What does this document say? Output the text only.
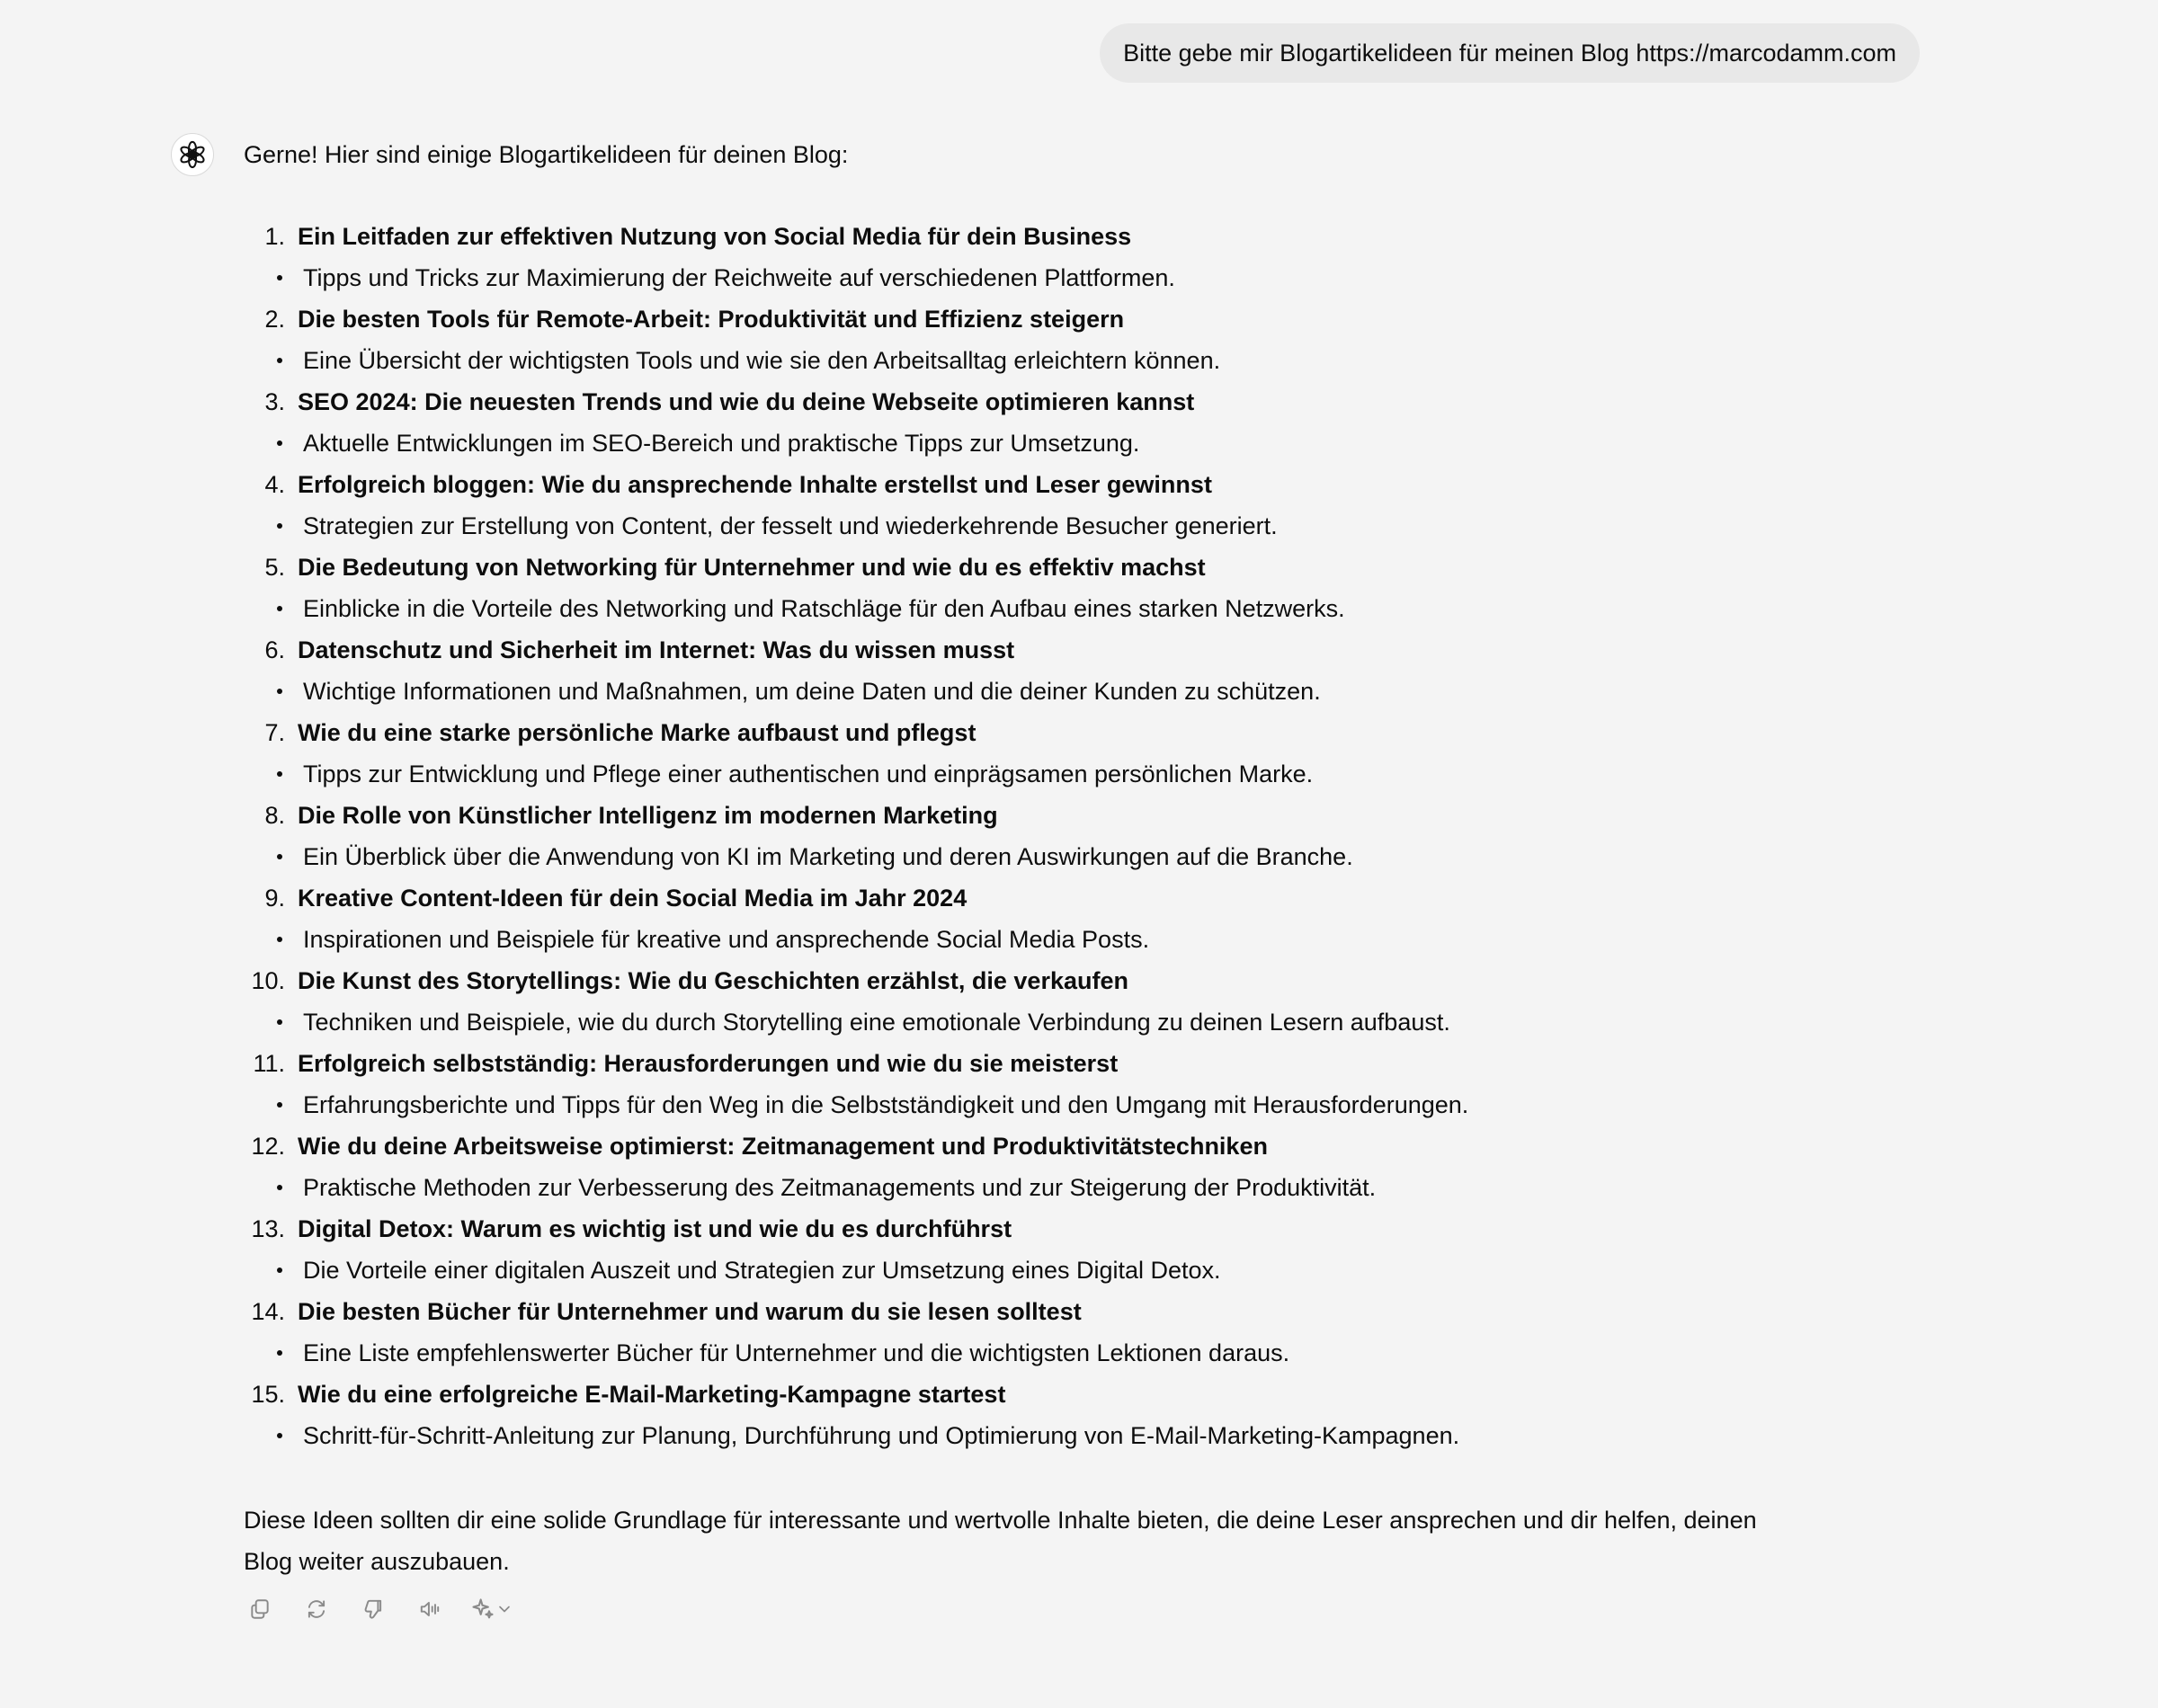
Bitte gebe mir Blogartikelideen für meinen Blog https://marcodamm.com
Gerne! Hier sind einige Blogartikelideen für deinen Blog:
1. Ein Leitfaden zur effektiven Nutzung von Social Media für dein Business
Tipps und Tricks zur Maximierung der Reichweite auf verschiedenen Plattformen.
2. Die besten Tools für Remote-Arbeit: Produktivität und Effizienz steigern
Eine Übersicht der wichtigsten Tools und wie sie den Arbeitsalltag erleichtern können.
3. SEO 2024: Die neuesten Trends und wie du deine Webseite optimieren kannst
Aktuelle Entwicklungen im SEO-Bereich und praktische Tipps zur Umsetzung.
4. Erfolgreich bloggen: Wie du ansprechende Inhalte erstellst und Leser gewinnst
Strategien zur Erstellung von Content, der fesselt und wiederkehrende Besucher generiert.
5. Die Bedeutung von Networking für Unternehmer und wie du es effektiv machst
Einblicke in die Vorteile des Networking und Ratschläge für den Aufbau eines starken Netzwerks.
6. Datenschutz und Sicherheit im Internet: Was du wissen musst
Wichtige Informationen und Maßnahmen, um deine Daten und die deiner Kunden zu schützen.
7. Wie du eine starke persönliche Marke aufbaust und pflegst
Tipps zur Entwicklung und Pflege einer authentischen und einprägsamen persönlichen Marke.
8. Die Rolle von Künstlicher Intelligenz im modernen Marketing
Ein Überblick über die Anwendung von KI im Marketing und deren Auswirkungen auf die Branche.
9. Kreative Content-Ideen für dein Social Media im Jahr 2024
Inspirationen und Beispiele für kreative und ansprechende Social Media Posts.
10. Die Kunst des Storytellings: Wie du Geschichten erzählst, die verkaufen
Techniken und Beispiele, wie du durch Storytelling eine emotionale Verbindung zu deinen Lesern aufbaust.
11. Erfolgreich selbstständig: Herausforderungen und wie du sie meisterst
Erfahrungsberichte und Tipps für den Weg in die Selbstständigkeit und den Umgang mit Herausforderungen.
12. Wie du deine Arbeitsweise optimierst: Zeitmanagement und Produktivitätstechniken
Praktische Methoden zur Verbesserung des Zeitmanagements und zur Steigerung der Produktivität.
13. Digital Detox: Warum es wichtig ist und wie du es durchführst
Die Vorteile einer digitalen Auszeit und Strategien zur Umsetzung eines Digital Detox.
14. Die besten Bücher für Unternehmer und warum du sie lesen solltest
Eine Liste empfehlenswerter Bücher für Unternehmer und die wichtigsten Lektionen daraus.
15. Wie du eine erfolgreiche E-Mail-Marketing-Kampagne startest
Schritt-für-Schritt-Anleitung zur Planung, Durchführung und Optimierung von E-Mail-Marketing-Kampagnen.

Diese Ideen sollten dir eine solide Grundlage für interessante und wertvolle Inhalte bieten, die deine Leser ansprechen und dir helfen, deinen Blog weiter auszubauen.
